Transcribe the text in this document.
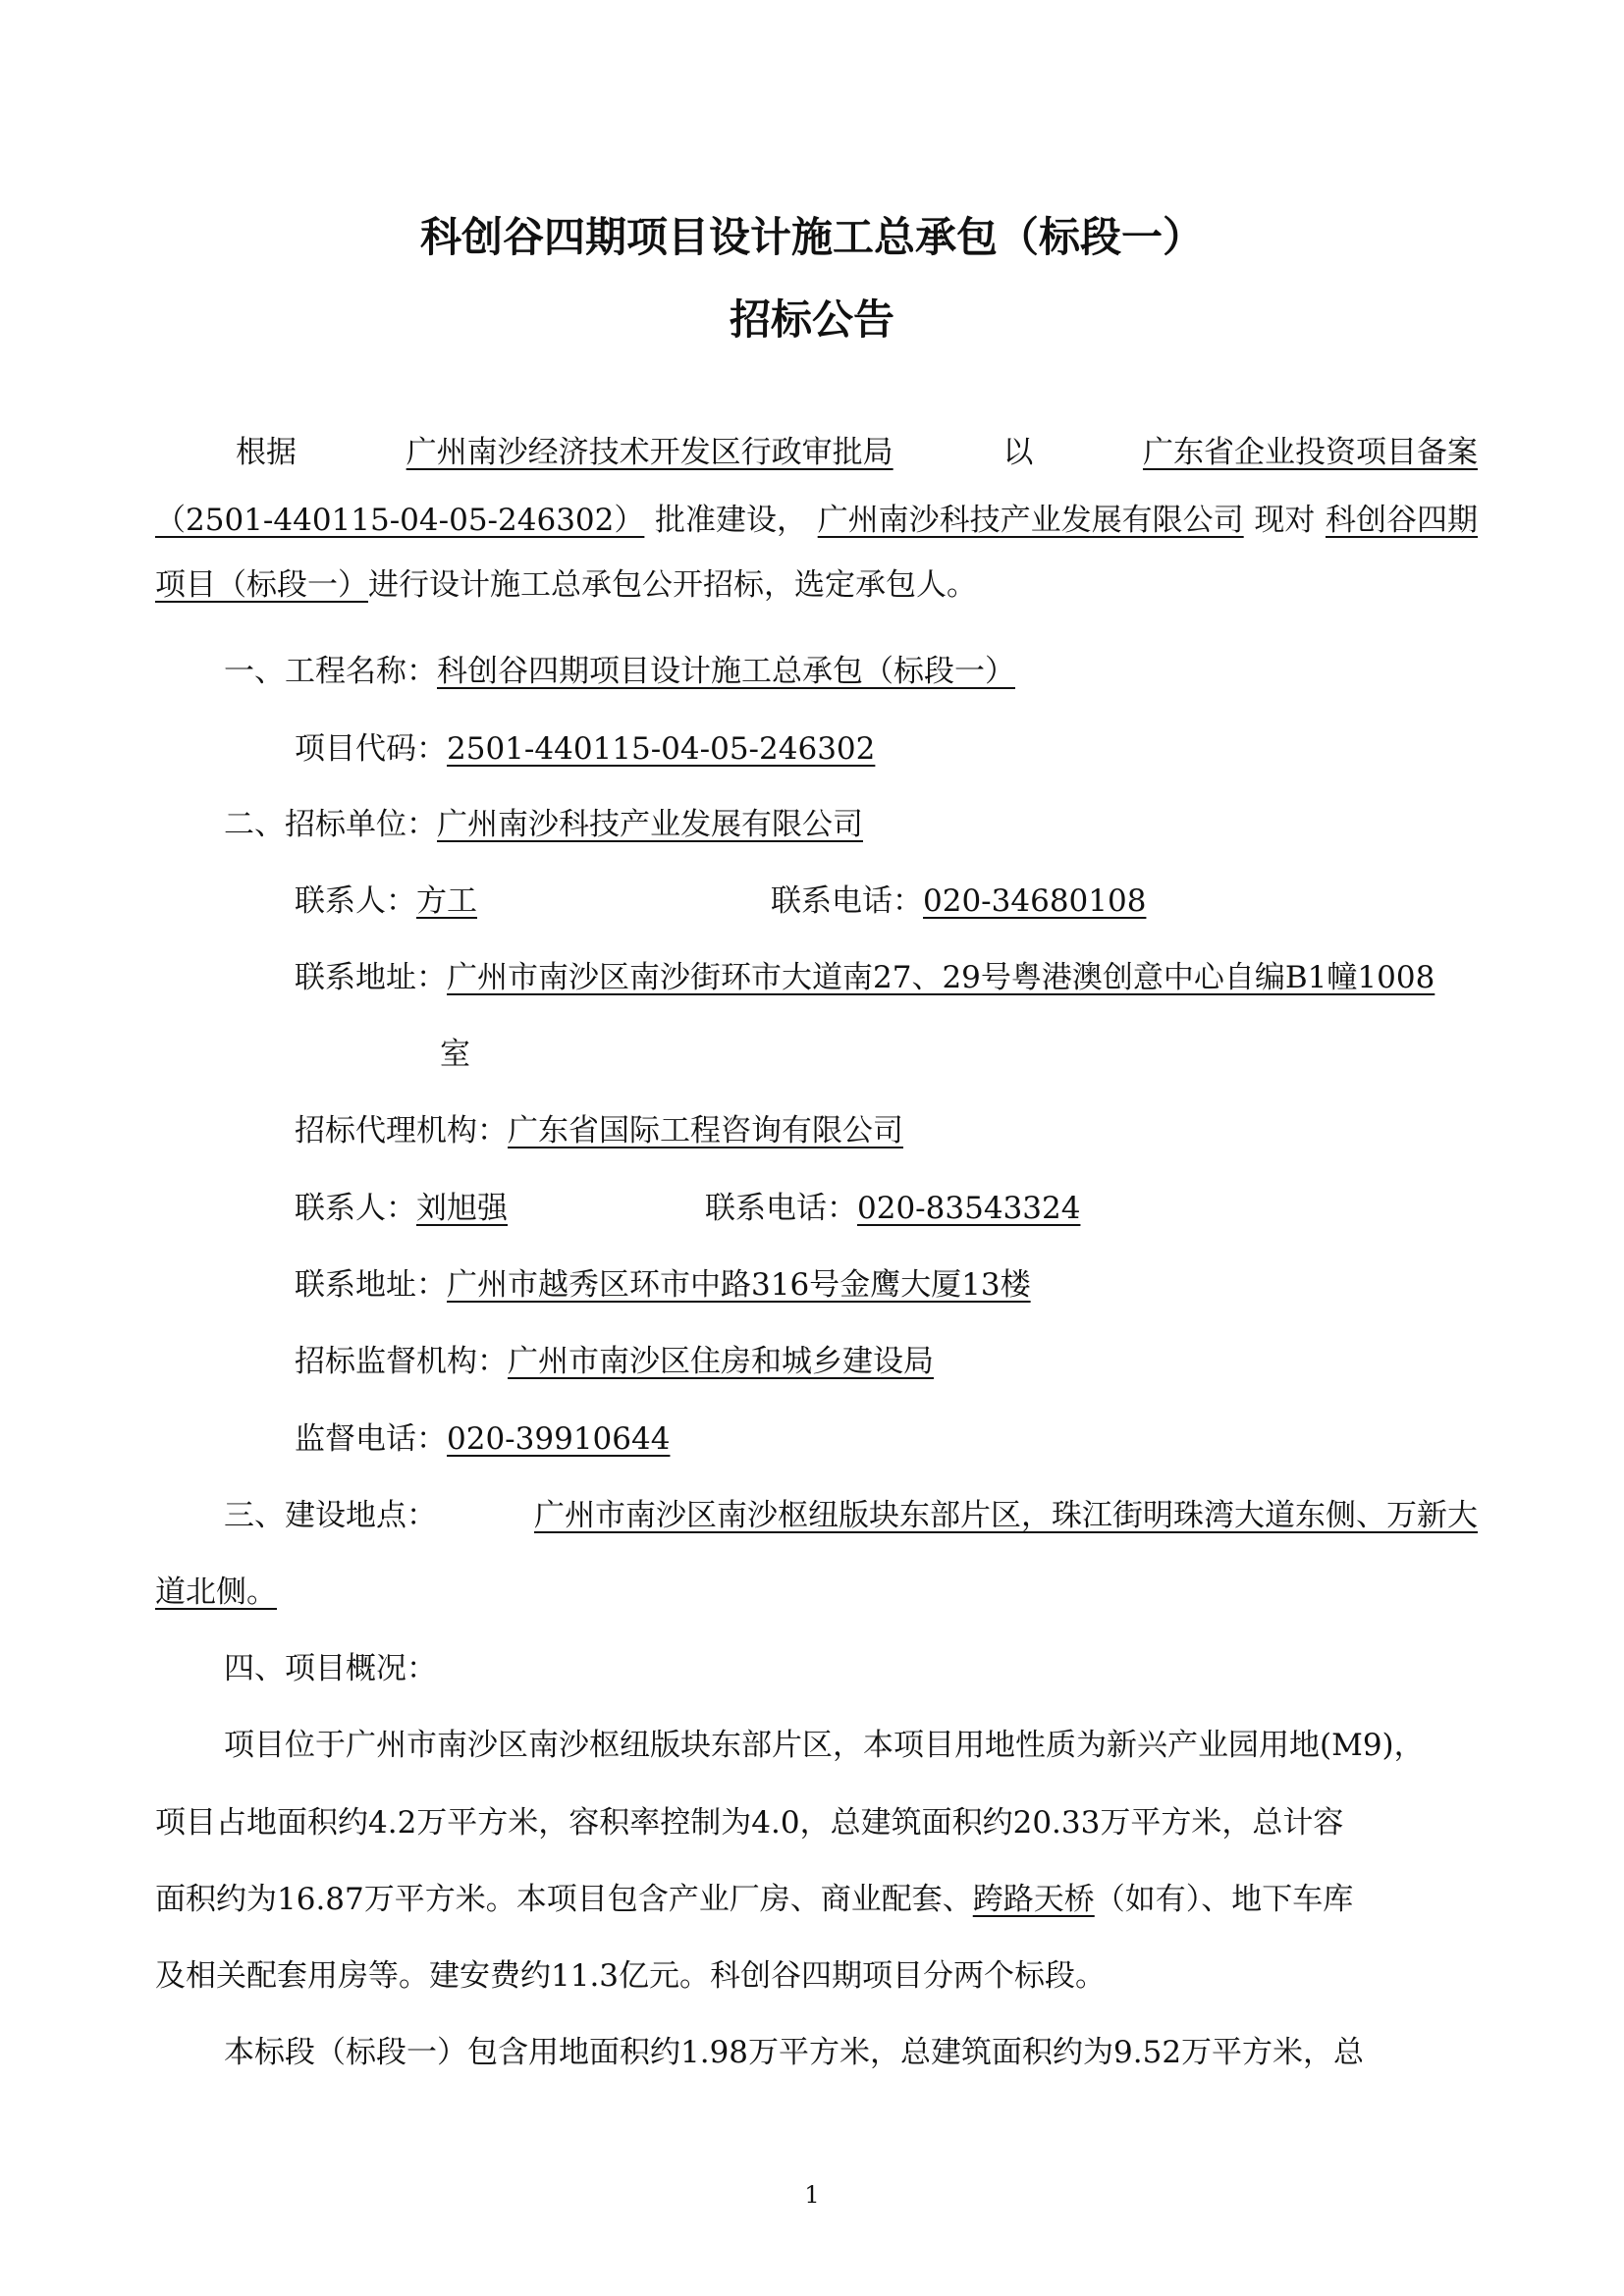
科创谷四期项目设计施工总承包（标段一）
招标公告
根据	广州南沙经济技术开发区行政审批局	以	广东省企业投资项目备案
（2501-440115-04-05-246302） 批准建设， 广州南沙科技产业发展有限公司 现对 科创谷四期
项目（标段一）进行设计施工总承包公开招标，选定承包人。
一、工程名称：科创谷四期项目设计施工总承包（标段一）
项目代码：2501-440115-04-05-246302
二、招标单位：广州南沙科技产业发展有限公司
联系人：方工	联系电话：020-34680108
联系地址：广州市南沙区南沙街环市大道南27、29号粤港澳创意中心自编B1幢1008
室
招标代理机构：广东省国际工程咨询有限公司
联系人：刘旭强	联系电话：020-83543324
联系地址：广州市越秀区环市中路316号金鹰大厦13楼
招标监督机构：广州市南沙区住房和城乡建设局
监督电话：020-39910644
三、建设地点：	广州市南沙区南沙枢纽版块东部片区，珠江街明珠湾大道东侧、万新大
道北侧。
四、项目概况：
项目位于广州市南沙区南沙枢纽版块东部片区，本项目用地性质为新兴产业园用地(M9)，
项目占地面积约4.2万平方米，容积率控制为4.0，总建筑面积约20.33万平方米，总计容
面积约为16.87万平方米。本项目包含产业厂房、商业配套、跨路天桥（如有）、地下车库
及相关配套用房等。建安费约11.3亿元。科创谷四期项目分两个标段。
本标段（标段一）包含用地面积约1.98万平方米，总建筑面积约为9.52万平方米，总
1
